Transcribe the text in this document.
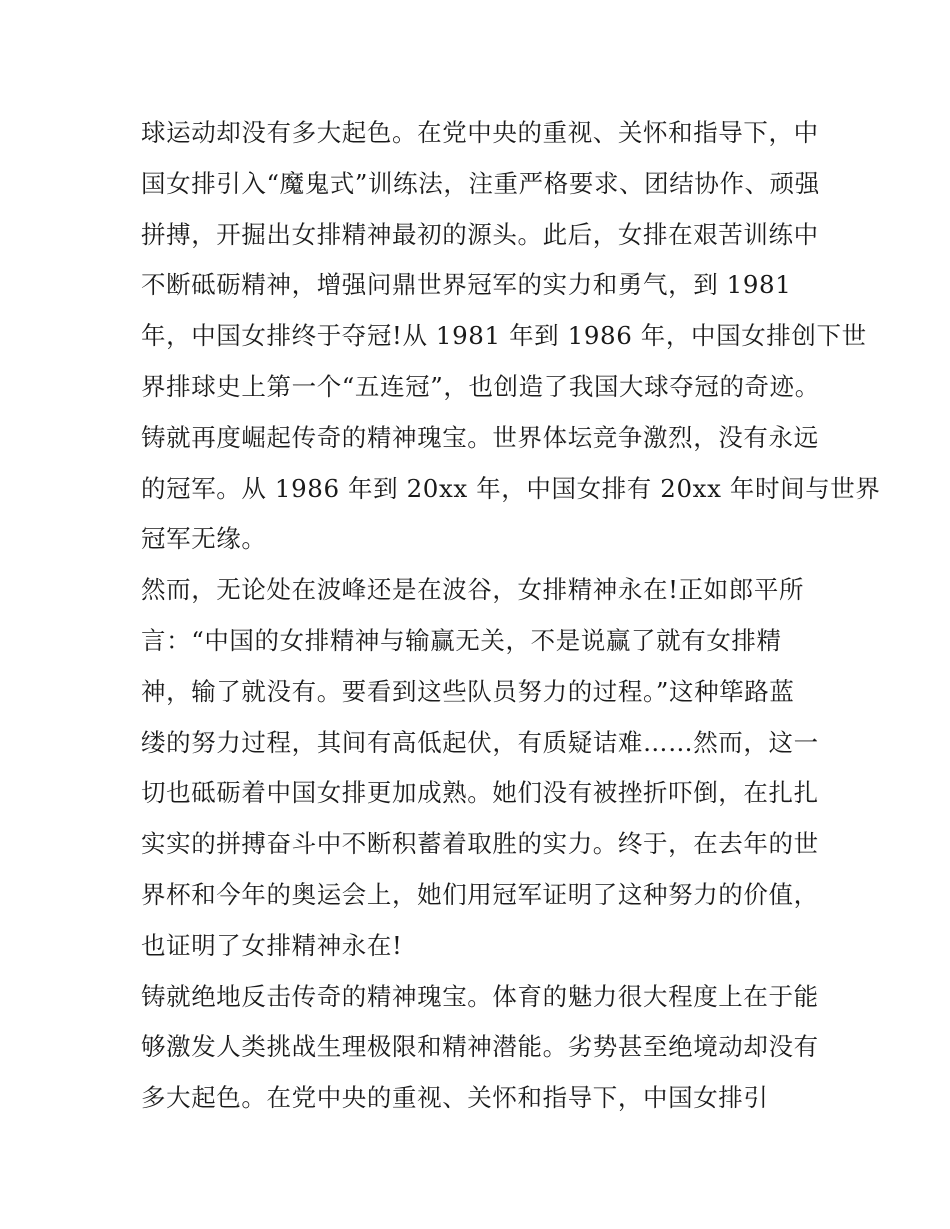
球运动却没有多大起色。在党中央的重视、关怀和指导下，中
国女排引入“魔鬼式”训练法，注重严格要求、团结协作、顽强
拼搏，开掘出女排精神最初的源头。此后，女排在艰苦训练中
不断砥砺精神，增强问鼎世界冠军的实力和勇气，到 1981
年，中国女排终于夺冠!从 1981 年到 1986 年，中国女排创下世
界排球史上第一个“五连冠”，也创造了我国大球夺冠的奇迹。
铸就再度崛起传奇的精神瑰宝。世界体坛竞争激烈，没有永远
的冠军。从 1986 年到 20xx 年，中国女排有 20xx 年时间与世界
冠军无缘。
然而，无论处在波峰还是在波谷，女排精神永在!正如郎平所
言：“中国的女排精神与输赢无关，不是说赢了就有女排精
神，输了就没有。要看到这些队员努力的过程。”这种筚路蓝
缕的努力过程，其间有高低起伏，有质疑诘难……然而，这一
切也砥砺着中国女排更加成熟。她们没有被挫折吓倒，在扎扎
实实的拼搏奋斗中不断积蓄着取胜的实力。终于，在去年的世
界杯和今年的奥运会上，她们用冠军证明了这种努力的价值，
也证明了女排精神永在!
铸就绝地反击传奇的精神瑰宝。体育的魅力很大程度上在于能
够激发人类挑战生理极限和精神潜能。劣势甚至绝境动却没有
多大起色。在党中央的重视、关怀和指导下，中国女排引
